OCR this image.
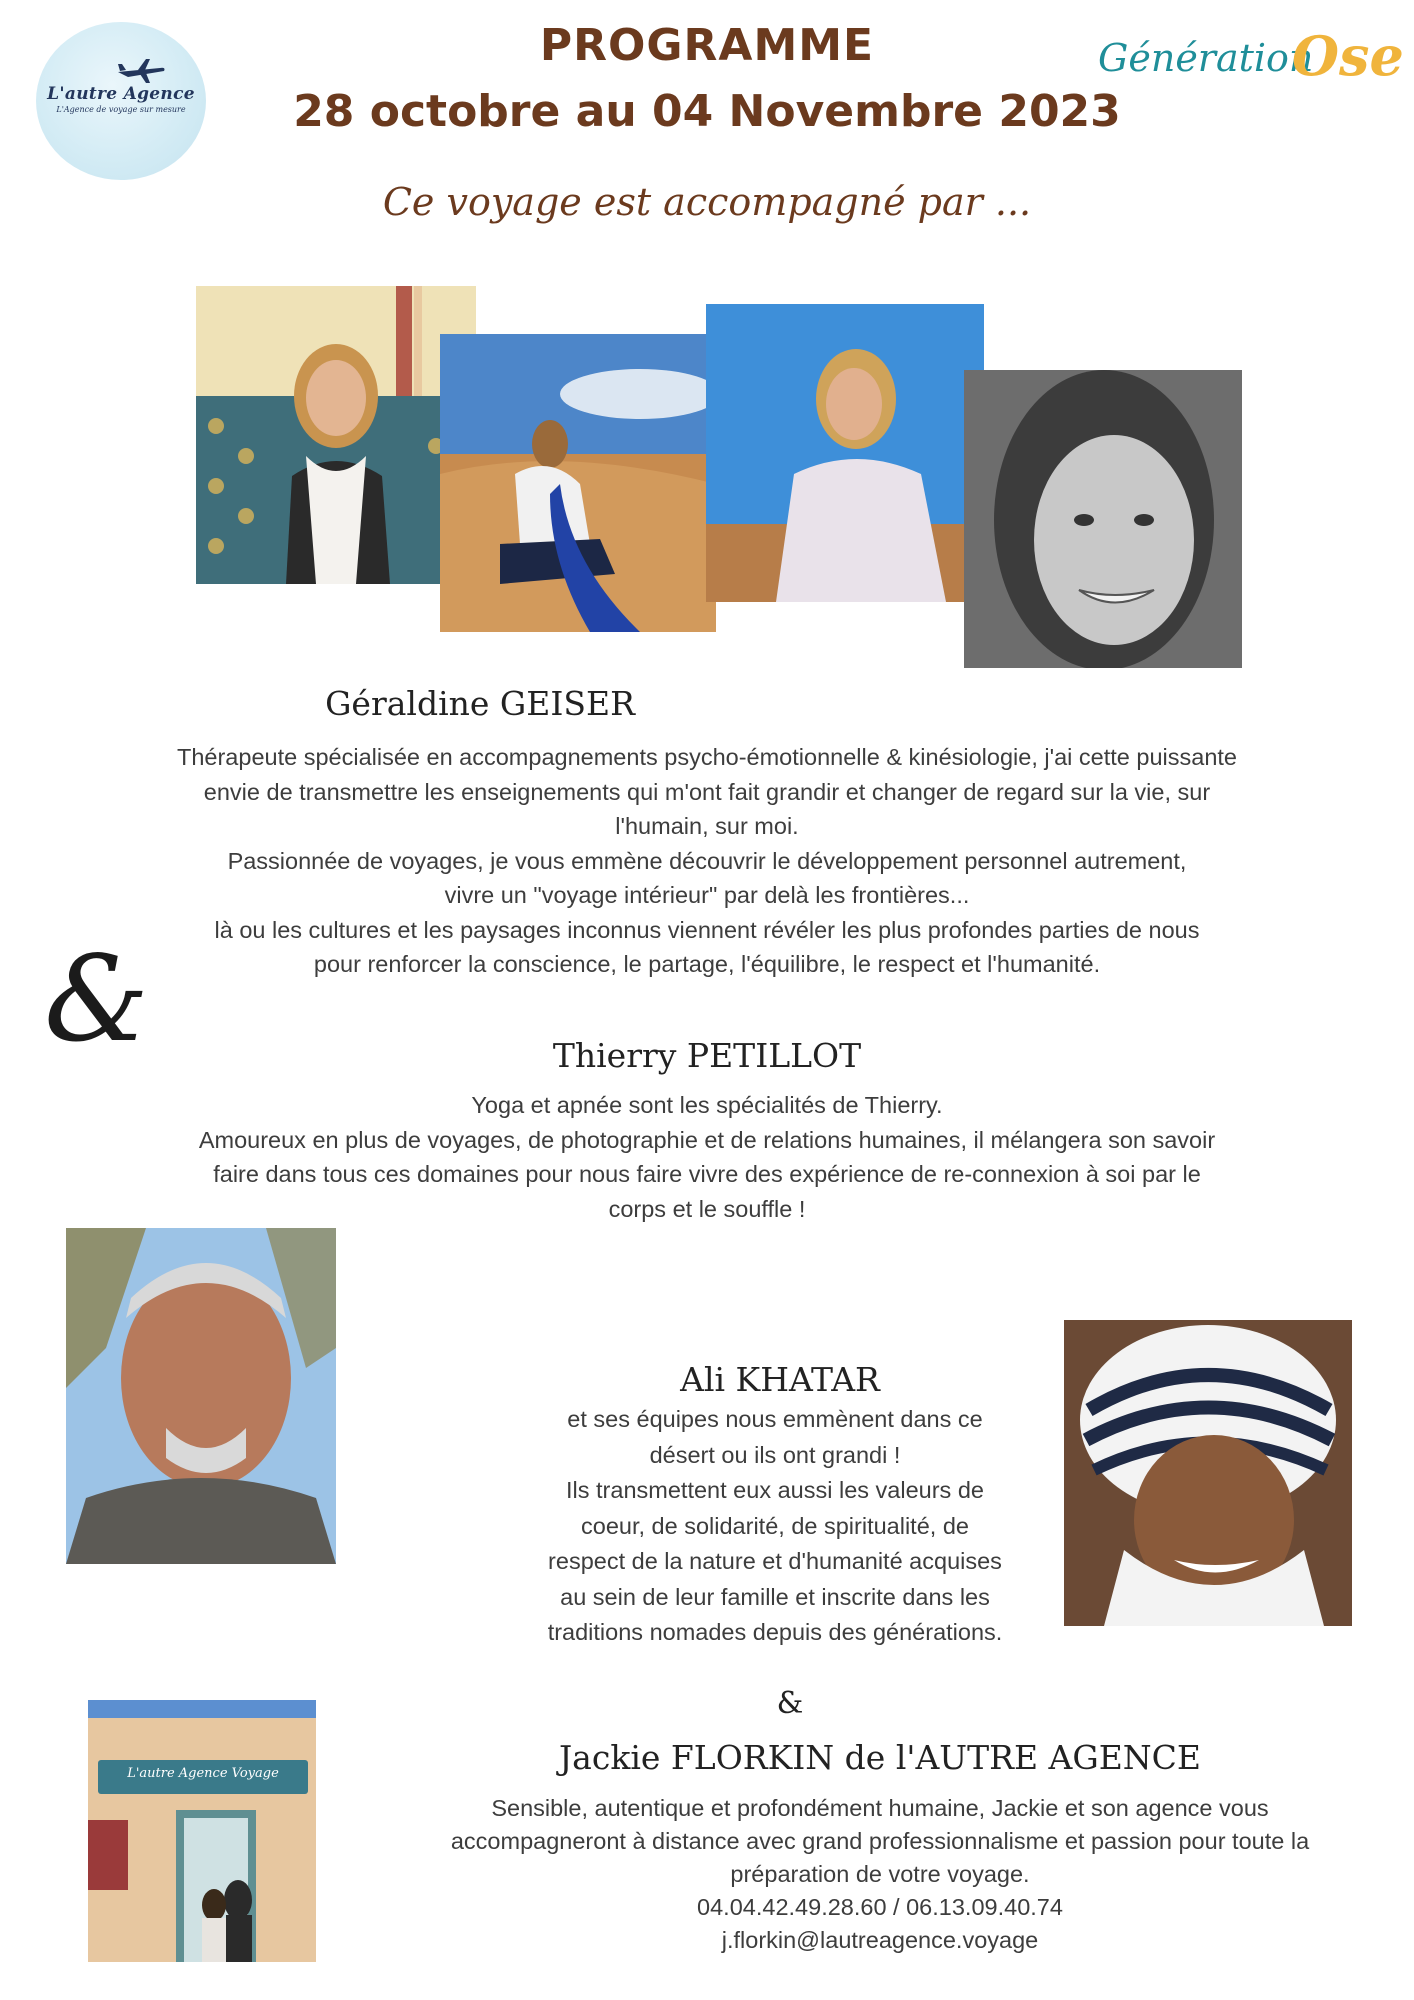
L'autre Agence
L'Agence de voyage sur mesure
PROGRAMME
28 octobre au 04 Novembre 2023
Génération
Ose
Ce voyage est accompagné par ...
Géraldine GEISER
Thérapeute spécialisée en accompagnements psycho-émotionnelle & kinésiologie, j'ai cette puissante
envie de transmettre les enseignements qui m'ont fait grandir et changer de regard sur la vie, sur
l'humain, sur moi.
Passionnée de voyages, je vous emmène découvrir le développement personnel autrement,
vivre un "voyage intérieur" par delà les frontières...
là ou les cultures et les paysages inconnus viennent révéler les plus profondes parties de nous
pour renforcer la conscience, le partage, l'équilibre, le respect et l'humanité.
&	Thierry PETILLOT
Yoga et apnée sont les spécialités de Thierry.
Amoureux en plus de voyages, de photographie et de relations humaines, il mélangera son savoir
faire dans tous ces domaines pour nous faire vivre des expérience de re-connexion à soi par le
corps et le souffle !
Ali KHATAR
et ses équipes nous emmènent dans ce
désert ou ils ont grandi !
Ils transmettent eux aussi les valeurs de
coeur, de solidarité, de spiritualité, de
respect de la nature et d'humanité acquises
au sein de leur famille et inscrite dans les
traditions nomades depuis des générations.
&
Jackie FLORKIN de l'AUTRE AGENCE
Sensible, autentique et profondément humaine, Jackie et son agence vous
accompagneront à distance avec grand professionnalisme et passion pour toute la
préparation de votre voyage.
04.04.42.49.28.60 / 06.13.09.40.74
j.florkin@lautreagence.voyage
L'autre Agence Voyage
